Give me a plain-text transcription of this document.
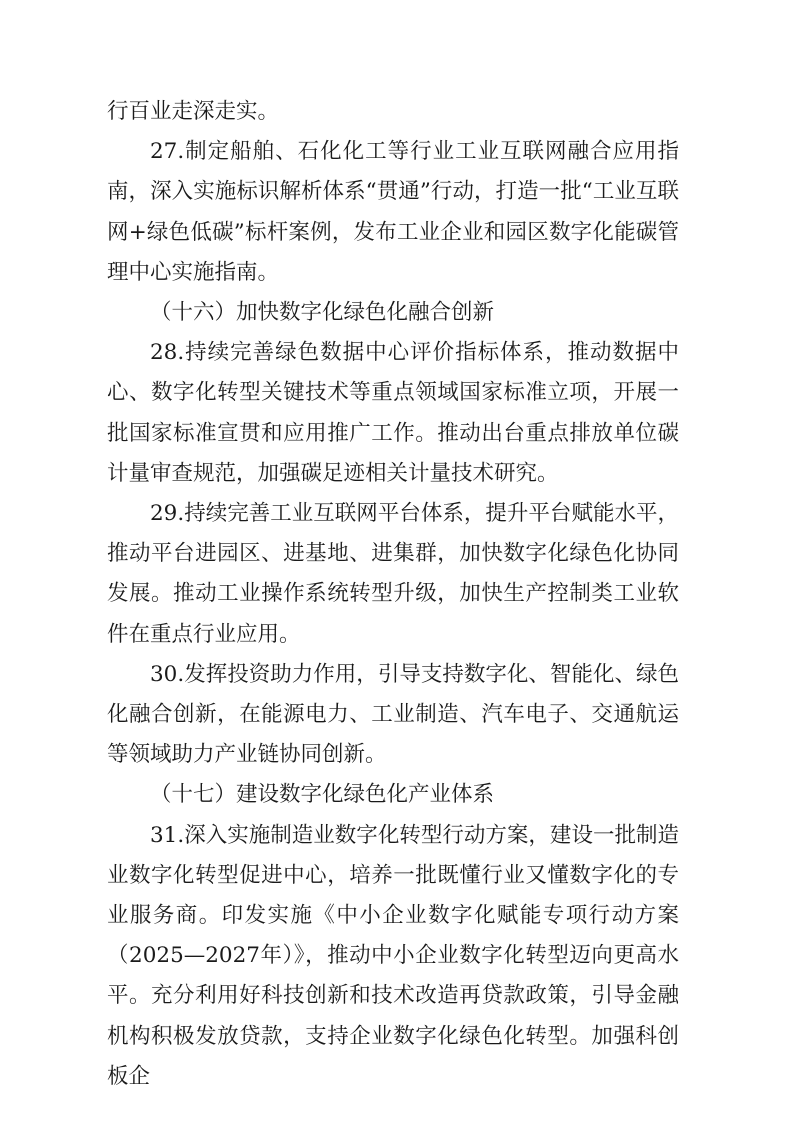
行百业走深走实。

27.制定船舶、石化化工等行业工业互联网融合应用指南，深入实施标识解析体系“贯通”行动，打造一批“工业互联网+绿色低碳”标杆案例，发布工业企业和园区数字化能碳管理中心实施指南。

（十六）加快数字化绿色化融合创新

28.持续完善绿色数据中心评价指标体系，推动数据中心、数字化转型关键技术等重点领域国家标准立项，开展一批国家标准宣贯和应用推广工作。推动出台重点排放单位碳计量审查规范，加强碳足迹相关计量技术研究。

29.持续完善工业互联网平台体系，提升平台赋能水平，推动平台进园区、进基地、进集群，加快数字化绿色化协同发展。推动工业操作系统转型升级，加快生产控制类工业软件在重点行业应用。

30.发挥投资助力作用，引导支持数字化、智能化、绿色化融合创新，在能源电力、工业制造、汽车电子、交通航运等领域助力产业链协同创新。

（十七）建设数字化绿色化产业体系

31.深入实施制造业数字化转型行动方案，建设一批制造业数字化转型促进中心，培养一批既懂行业又懂数字化的专业服务商。印发实施《中小企业数字化赋能专项行动方案（2025—2027年）》，推动中小企业数字化转型迈向更高水平。充分利用好科技创新和技术改造再贷款政策，引导金融机构积极发放贷款，支持企业数字化绿色化转型。加强科创板企
